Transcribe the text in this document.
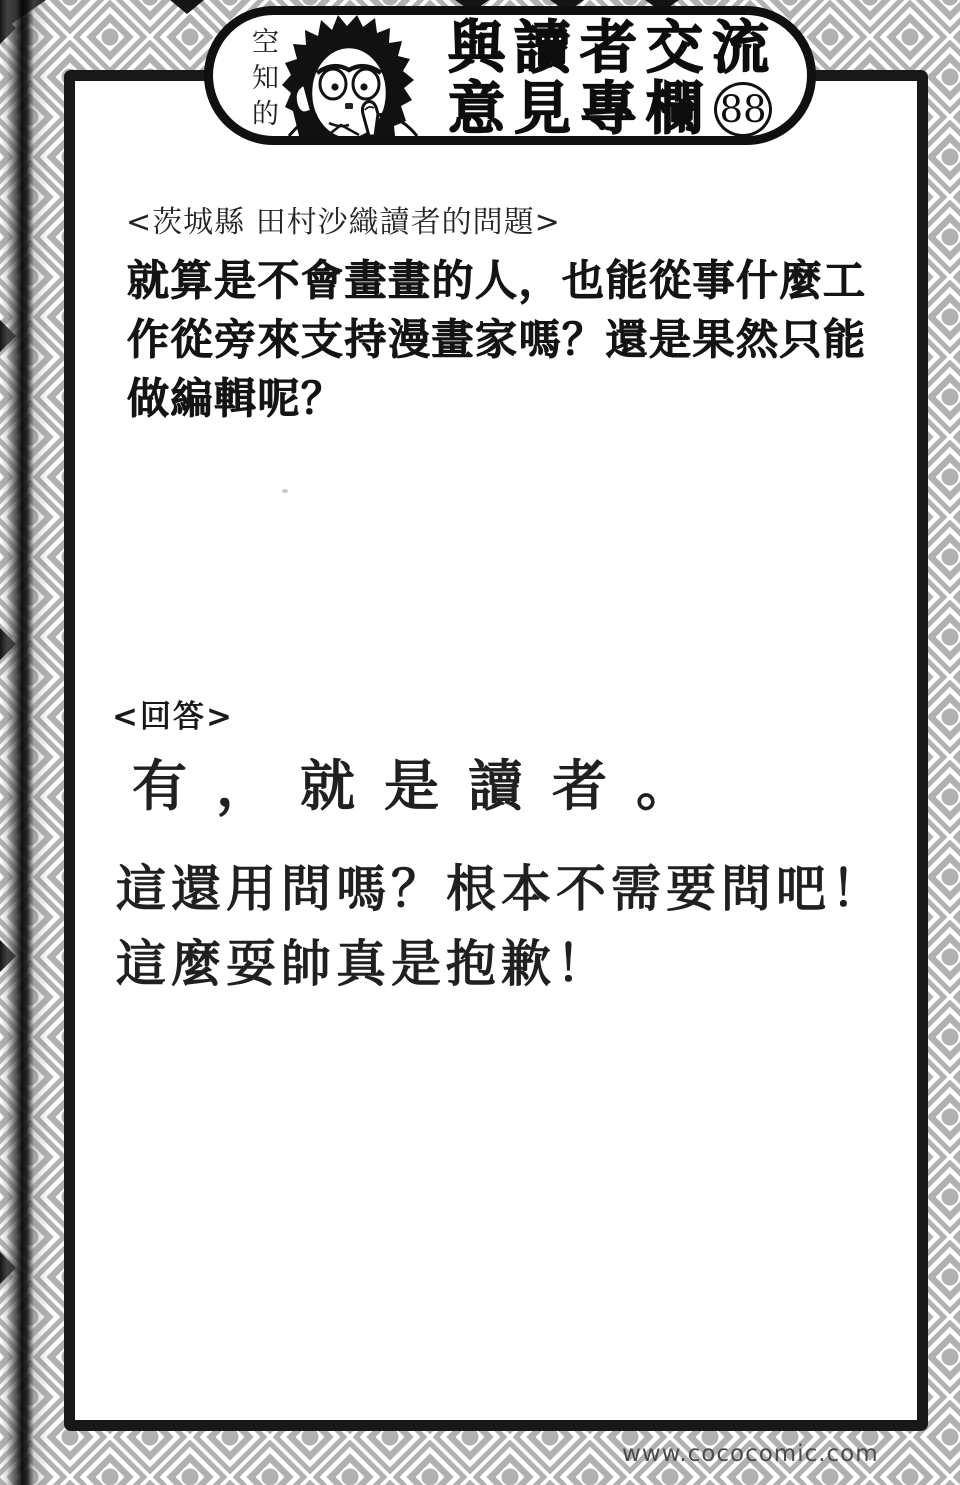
空知的	與讀者交流
意見專欄 88
<茨城縣 田村沙織讀者的問題>
就算是不會畫畫的人，也能從事什麼工
作從旁來支持漫畫家嗎？還是果然只能
做編輯呢？
<回答>
有，就是讀者。
這還用問嗎？根本不需要問吧！
這麼耍帥真是抱歉！
www.cococomic.com
